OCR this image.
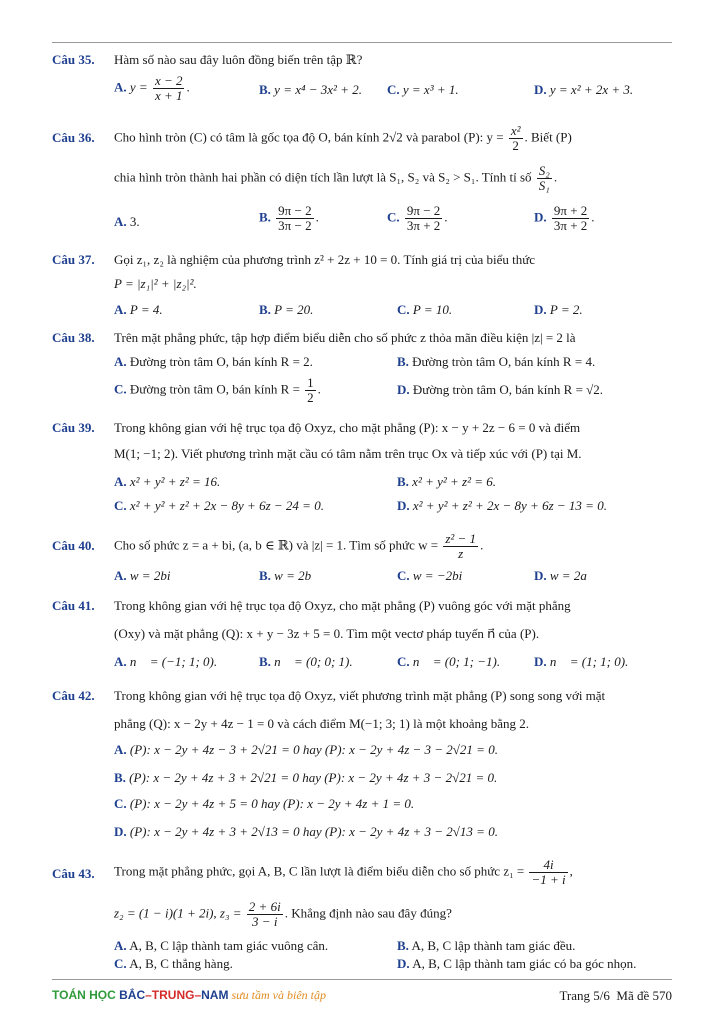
Câu 35.	Hàm số nào sau đây luôn đồng biến trên tập ℝ?
A. $y = \frac{x - 2}{x + 1}$ .	B. y = x⁴ − 3x² + 2. C. y = x³ + 1.	D. y = x² + 2x + 3.
Câu 36.	Cho hình tròn (C) có tâm là gốc tọa độ O, bán kính 2√2 và parabol (P): $y = \frac{\text{x²}}{2}$ . Biết (P)
chia hình tròn thành hai phần có diện tích lần lượt là S₁, S₂ và S₂ > S₁. Tính tỉ số $\frac{\text{S₂}}{\text{S₁}}$ .
A. 3.	B. $\frac{9\pi - 2}{3\pi - 2}$ .	C. $\frac{9\pi - 2}{3\pi + 2}$ .	D. $\frac{9\pi + 2}{3\pi + 2}$ .
Câu 37.	Gọi z₁, z₂ là nghiệm của phương trình z² + 2z + 10 = 0. Tính giá trị của biểu thức
P = |z₁|² + |z₂|².
A. P = 4.	B. P = 20.	C. P = 10.	D. P = 2.
Câu 38.	Trên mặt phẳng phức, tập hợp điểm biểu diễn cho số phức z thỏa mãn điều kiện |z| = 2 là
A. Đường tròn tâm O, bán kính R = 2.	B. Đường tròn tâm O, bán kính R = 4.
C. Đường tròn tâm O, bán kính $R = \frac{1}{2}$ .	D. Đường tròn tâm O, bán kính R = √2.
Câu 39.	Trong không gian với hệ trục tọa độ Oxyz, cho mặt phẳng (P): x − y + 2z − 6 = 0 và điểm
M(1; −1; 2). Viết phương trình mặt cầu có tâm nằm trên trục Ox và tiếp xúc với (P) tại M.
A. x² + y² + z² = 16.	B. x² + y² + z² = 6.
C. x² + y² + z² + 2x − 8y + 6z − 24 = 0.	D. x² + y² + z² + 2x − 8y + 6z − 13 = 0.
Câu 40.	Cho số phức z = a + bi, (a, b ∈ ℝ) và |z| = 1. Tìm số phức $w = \frac{\text{z² − 1}}{z}$ .
A. w = 2bi	B. w = 2b	C. w = −2bi	D. w = 2a
Câu 41.	Trong không gian với hệ trục tọa độ Oxyz, cho mặt phẳng (P) vuông góc với mặt phẳng
(Oxy) và mặt phẳng (Q): x + y − 3z + 5 = 0. Tìm một vectơ pháp tuyến n⃗ của (P).
A. n⃗ = (−1; 1; 0).	B. n⃗ = (0; 0; 1).	C. n⃗ = (0; 1; −1).	D. n⃗ = (1; 1; 0).
Câu 42.	Trong không gian với hệ trục tọa độ Oxyz, viết phương trình mặt phẳng (P) song song với mặt
phẳng (Q): x − 2y + 4z − 1 = 0 và cách điểm M(−1; 3; 1) là một khoảng bằng 2.
A. (P): x − 2y + 4z − 3 + 2√21 = 0 hay (P): x − 2y + 4z − 3 − 2√21 = 0.
B. (P): x − 2y + 4z + 3 + 2√21 = 0 hay (P): x − 2y + 4z + 3 − 2√21 = 0.
C. (P): x − 2y + 4z + 5 = 0 hay (P): x − 2y + 4z + 1 = 0.
D. (P): x − 2y + 4z + 3 + 2√13 = 0 hay (P): x − 2y + 4z + 3 − 2√13 = 0.
Câu 43.	Trong mặt phẳng phức, gọi A, B, C lần lượt là điểm biểu diễn cho số phức $z_1 = \frac{4i}{-1 + i}$ ,
z₂ = (1 − i)(1 + 2i), $z_3 = \frac{2 + 6i}{3 - i}$ . Khẳng định nào sau đây đúng?
A. A, B, C lập thành tam giác vuông cân.	B. A, B, C lập thành tam giác đều.
C. A, B, C thẳng hàng.	D. A, B, C lập thành tam giác có ba góc nhọn.
TOÁN HỌC BẮC–TRUNG–NAM sưu tầm và biên tập	Trang 5/6 Mã đề 570
